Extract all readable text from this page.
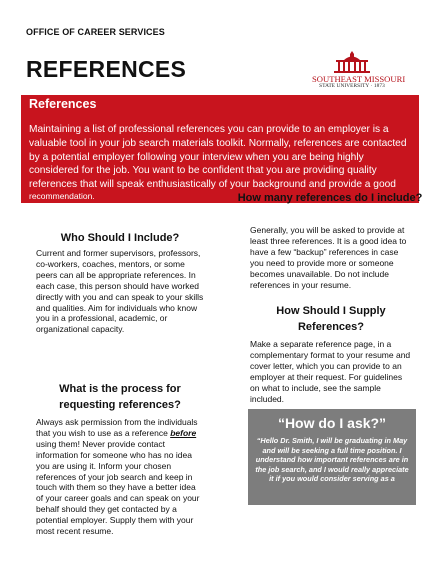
OFFICE OF CAREER SERVICES
REFERENCES	SOUTHEAST MISSOURI
STATE UNIVERSITY · 1873
References
Maintaining a list of professional references you can provide to an employer is a valuable tool in your job search materials toolkit. Normally, references are contacted by a potential employer following your interview when you are being highly considered for the job. You want to be confident that you are providing quality references that will speak enthusiastically of your background and provide a good
recommendation.
Who Should I Include?
Current and former supervisors, professors, co-workers, coaches, mentors, or some peers can all be appropriate references. In each case, this person should have worked directly with you and can speak to your skills and qualities. Aim for individuals who know you in a professional, academic, or organizational capacity.
What is the process for requesting references?
Always ask permission from the individuals that you wish to use as a reference before using them! Never provide contact information for someone who has no idea you are using it. Inform your chosen references of your job search and keep in touch with them so they have a better idea of your career goals and can speak on your behalf should they get contacted by a potential employer. Supply them with your most recent resume.
How many references do I include?
Generally, you will be asked to provide at least three references. It is a good idea to have a few “backup” references in case you need to provide more or someone becomes unavailable. Do not include references in your resume.
How Should I Supply References?
Make a separate reference page, in a complementary format to your resume and cover letter, which you can provide to an employer at their request. For guidelines on what to include, see the sample included.
“How do I ask?”
“Hello Dr. Smith, I will be graduating in May and will be seeking a full time position. I understand how important references are in the job search, and I would really appreciate it if you would consider serving as a
